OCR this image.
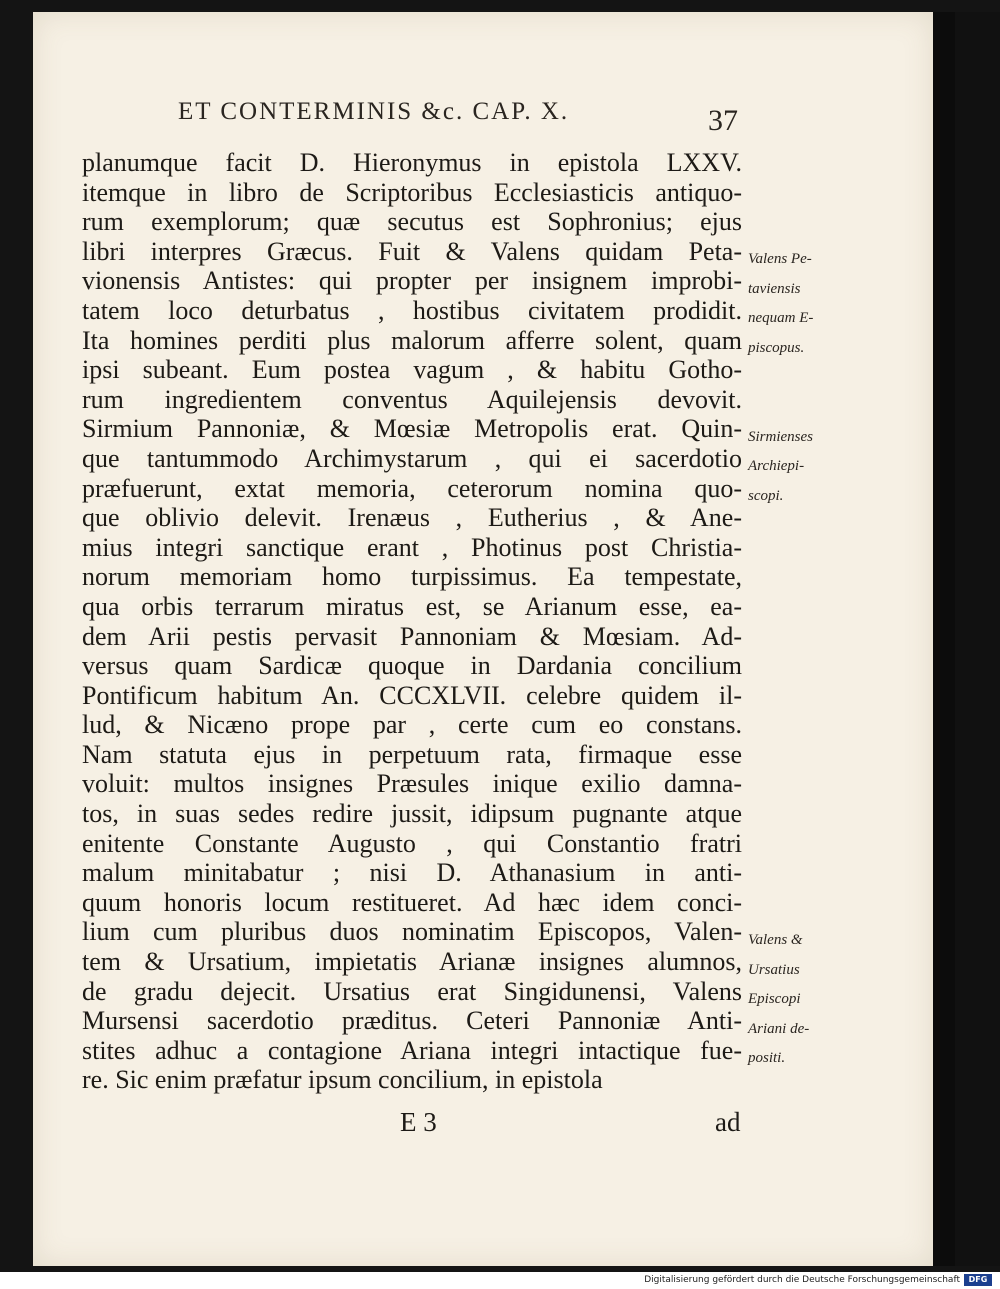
ET CONTERMINIS &c. CAP. X.	37
planumque facit D. Hieronymus in epistola LXXV.
itemque in libro de Scriptoribus Ecclesiasticis antiquo-
rum exemplorum; quæ secutus est Sophronius; ejus
libri interpres Græcus. Fuit & Valens quidam Peta-
vionensis Antistes: qui propter per insignem improbi-
tatem loco deturbatus , hostibus civitatem prodidit.
Ita homines perditi plus malorum afferre solent, quam
ipsi subeant. Eum postea vagum , & habitu Gotho-
rum ingredientem conventus Aquilejensis devovit.
Sirmium Pannoniæ, & Mœsiæ Metropolis erat. Quin-
que tantummodo Archimystarum , qui ei sacerdotio
præfuerunt, extat memoria, ceterorum nomina quo-
que oblivio delevit. Irenæus , Eutherius , & Ane-
mius integri sanctique erant , Photinus post Christia-
norum memoriam homo turpissimus. Ea tempestate,
qua orbis terrarum miratus est, se Arianum esse, ea-
dem Arii pestis pervasit Pannoniam & Mœsiam. Ad-
versus quam Sardicæ quoque in Dardania concilium
Pontificum habitum An. CCCXLVII. celebre quidem il-
lud, & Nicæno prope par , certe cum eo constans.
Nam statuta ejus in perpetuum rata, firmaque esse
voluit: multos insignes Præsules inique exilio damna-
tos, in suas sedes redire jussit, idipsum pugnante atque
enitente Constante Augusto , qui Constantio fratri
malum minitabatur ; nisi D. Athanasium in anti-
quum honoris locum restitueret. Ad hæc idem conci-
lium cum pluribus duos nominatim Episcopos, Valen-
tem & Ursatium, impietatis Arianæ insignes alumnos,
de gradu dejecit. Ursatius erat Singidunensi, Valens
Mursensi sacerdotio præditus. Ceteri Pannoniæ Anti-
stites adhuc a contagione Ariana integri intactique fue-
re. Sic enim præfatur ipsum concilium, in epistola
Valens Pe-
taviensis
nequam E-
piscopus.
Sirmienses
Archiepi-
scopi.
Valens &
Ursatius
Episcopi
Ariani de-
positi.
E 3	ad
Digitalisierung gefördert durch die Deutsche Forschungsgemeinschaft	DFG
